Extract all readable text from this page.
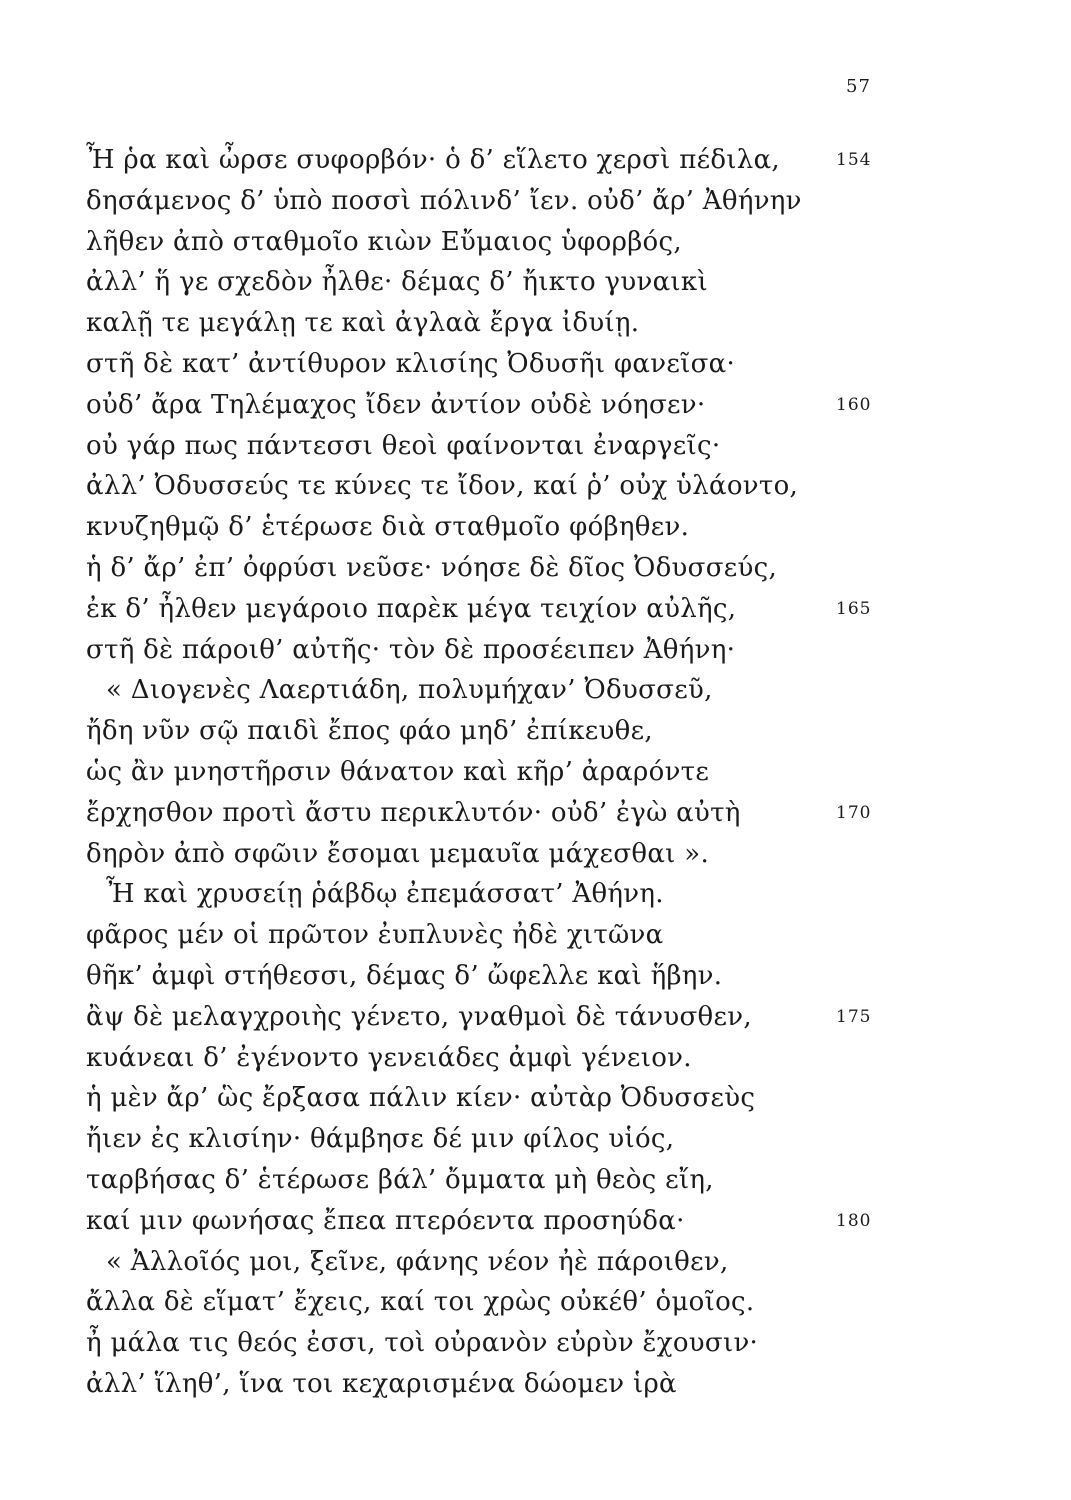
57
Ἦ ῥα καὶ ὦρσε συφορβόν· ὁ δ’ εἵλετο χερσὶ πέδιλα,	154
δησάμενος δ’ ὑπὸ ποσσὶ πόλινδ’ ἴεν. οὐδ’ ἄρ’ Ἀθήνην
λῆθεν ἀπὸ σταθμοῖο κιὼν Εὔμαιος ὑφορβός,
ἀλλ’ ἥ γε σχεδὸν ἦλθε· δέμας δ’ ἤικτο γυναικὶ
καλῇ τε μεγάλῃ τε καὶ ἀγλαὰ ἔργα ἰδυίῃ.
στῆ δὲ κατ’ ἀντίθυρον κλισίης Ὀδυσῆι φανεῖσα·
οὐδ’ ἄρα Τηλέμαχος ἴδεν ἀντίον οὐδὲ νόησεν·	160
οὐ γάρ πως πάντεσσι θεοὶ φαίνονται ἐναργεῖς·
ἀλλ’ Ὀδυσσεύς τε κύνες τε ἴδον, καί ῥ’ οὐχ ὑλάοντο,
κνυζηθμῷ δ’ ἑτέρωσε διὰ σταθμοῖο φόβηθεν.
ἡ δ’ ἄρ’ ἐπ’ ὀφρύσι νεῦσε· νόησε δὲ δῖος Ὀδυσσεύς,
ἐκ δ’ ἦλθεν μεγάροιο παρὲκ μέγα τειχίον αὐλῆς,	165
στῆ δὲ πάροιθ’ αὐτῆς· τὸν δὲ προσέειπεν Ἀθήνη·
« Διογενὲς Λαερτιάδη, πολυμήχαν’ Ὀδυσσεῦ,
ἤδη νῦν σῷ παιδὶ ἔπος φάο μηδ’ ἐπίκευθε,
ὡς ἂν μνηστῆρσιν θάνατον καὶ κῆρ’ ἀραρόντε
ἔρχησθον προτὶ ἄστυ περικλυτόν· οὐδ’ ἐγὼ αὐτὴ	170
δηρὸν ἀπὸ σφῶιν ἔσομαι μεμαυῖα μάχεσθαι ».
Ἦ καὶ χρυσείῃ ῥάβδῳ ἐπεμάσσατ’ Ἀθήνη.
φᾶρος μέν οἱ πρῶτον ἐυπλυνὲς ἠδὲ χιτῶνα
θῆκ’ ἀμφὶ στήθεσσι, δέμας δ’ ὤφελλε καὶ ἥβην.
ἂψ δὲ μελαγχροιὴς γένετο, γναθμοὶ δὲ τάνυσθεν,	175
κυάνεαι δ’ ἐγένοντο γενειάδες ἀμφὶ γένειον.
ἡ μὲν ἄρ’ ὣς ἔρξασα πάλιν κίεν· αὐτὰρ Ὀδυσσεὺς
ἤιεν ἐς κλισίην· θάμβησε δέ μιν φίλος υἱός,
ταρβήσας δ’ ἑτέρωσε βάλ’ ὄμματα μὴ θεὸς εἴη,
καί μιν φωνήσας ἔπεα πτερόεντα προσηύδα·	180
« Ἀλλοῖός μοι, ξεῖνε, φάνης νέον ἠὲ πάροιθεν,
ἄλλα δὲ εἵματ’ ἔχεις, καί τοι χρὼς οὐκέθ’ ὁμοῖος.
ἦ μάλα τις θεός ἐσσι, τοὶ οὐρανὸν εὐρὺν ἔχουσιν·
ἀλλ’ ἵληθ’, ἵνα τοι κεχαρισμένα δώομεν ἱρὰ
